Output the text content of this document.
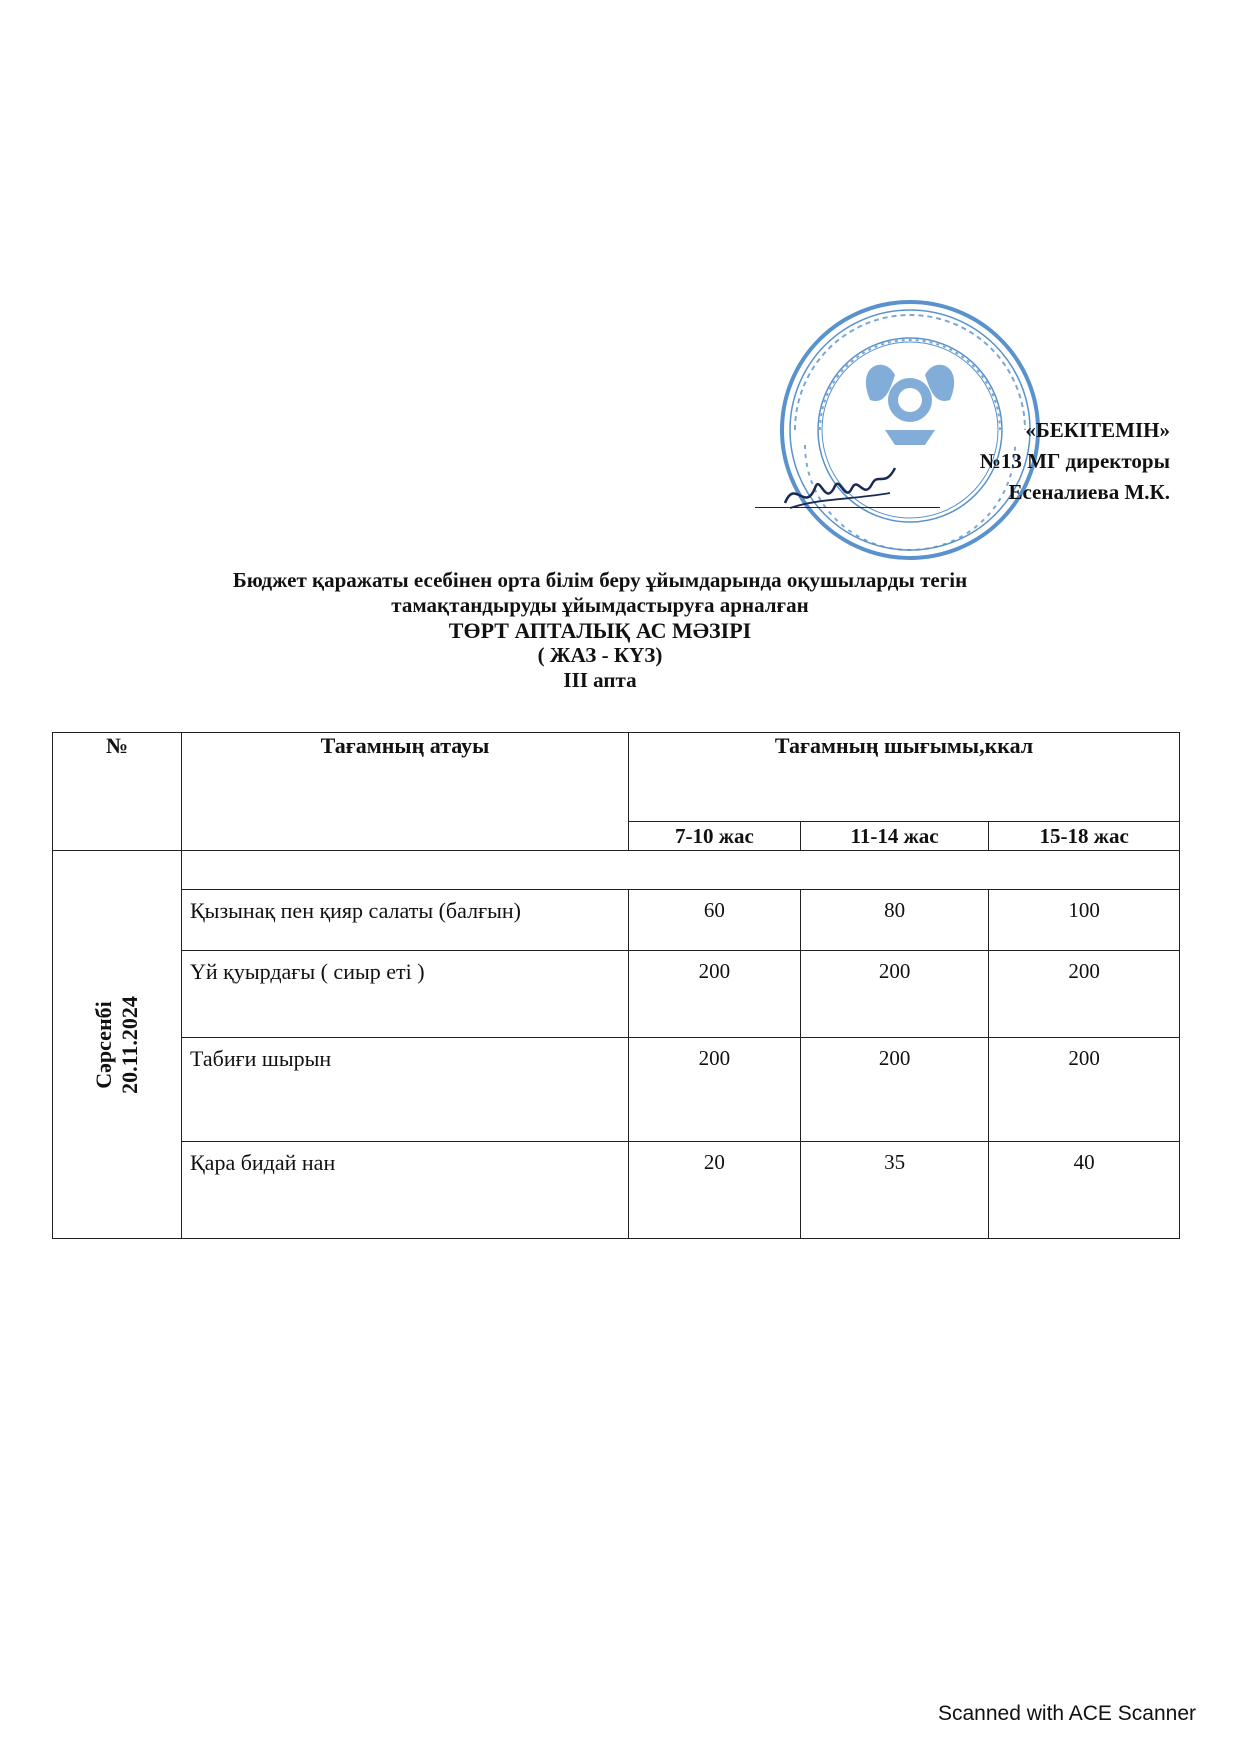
«БЕКІТЕМІН»
№13 МГ директоры
Есеналиева М.К.
Бюджет қаражаты есебінен орта білім беру ұйымдарында оқушыларды тегін
тамақтандыруды ұйымдастыруға арналған
ТӨРТ АПТАЛЫҚ АС МӘЗІРІ
( ЖАЗ - КҮЗ)
ІІІ апта
№	Тағамның атауы	Тағамның шығымы,ккал		
		7-10 жас	11-14 жас	15-18 жас

Сәрсенбі 20.11.2024				

	Қызынақ пен қияр салаты (балғын)	60	80	100
	Үй қуырдағы ( сиыр еті )	200	200	200
	Табиғи шырын	200	200	200
	Қара бидай нан	20	35	40
Scanned with ACE Scanner
